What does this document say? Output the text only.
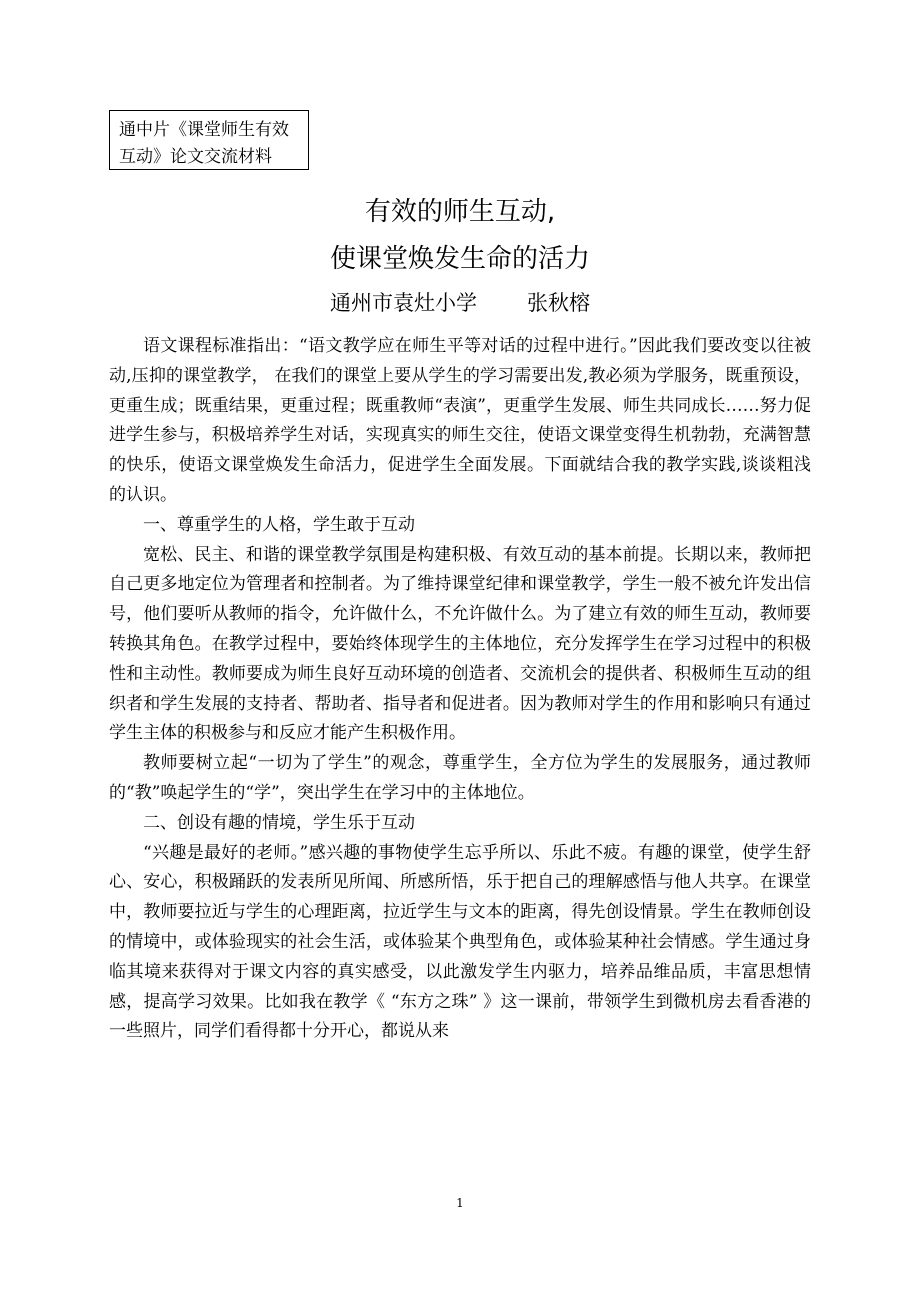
通中片《课堂师生有效
互动》论文交流材料
有效的师生互动,
使课堂焕发生命的活力
通州市袁灶小学 张秋榕

语文课程标准指出：“语文教学应在师生平等对话的过程中进行。”因此我们要改变以往被动,压抑的课堂教学， 在我们的课堂上要从学生的学习需要出发,教必须为学服务，既重预设，更重生成；既重结果，更重过程；既重教师“表演”，更重学生发展、师生共同成长……努力促进学生参与，积极培养学生对话，实现真实的师生交往，使语文课堂变得生机勃勃，充满智慧的快乐，使语文课堂焕发生命活力，促进学生全面发展。下面就结合我的教学实践,谈谈粗浅的认识。

一、尊重学生的人格，学生敢于互动

宽松、民主、和谐的课堂教学氛围是构建积极、有效互动的基本前提。长期以来，教师把自己更多地定位为管理者和控制者。为了维持课堂纪律和课堂教学，学生一般不被允许发出信号，他们要听从教师的指令，允许做什么，不允许做什么。为了建立有效的师生互动，教师要转换其角色。在教学过程中，要始终体现学生的主体地位，充分发挥学生在学习过程中的积极性和主动性。教师要成为师生良好互动环境的创造者、交流机会的提供者、积极师生互动的组织者和学生发展的支持者、帮助者、指导者和促进者。因为教师对学生的作用和影响只有通过学生主体的积极参与和反应才能产生积极作用。

教师要树立起“一切为了学生”的观念，尊重学生，全方位为学生的发展服务，通过教师的“教”唤起学生的“学”，突出学生在学习中的主体地位。

二、创设有趣的情境，学生乐于互动

“兴趣是最好的老师。”感兴趣的事物使学生忘乎所以、乐此不疲。有趣的课堂，使学生舒心、安心，积极踊跃的发表所见所闻、所感所悟，乐于把自己的理解感悟与他人共享。在课堂中，教师要拉近与学生的心理距离，拉近学生与文本的距离，得先创设情景。学生在教师创设的情境中，或体验现实的社会生活，或体验某个典型角色，或体验某种社会情感。学生通过身临其境来获得对于课文内容的真实感受，以此激发学生内驱力，培养品维品质，丰富思想情感，提高学习效果。比如我在教学《 “东方之珠” 》这一课前，带领学生到微机房去看香港的一些照片，同学们看得都十分开心，都说从来

1
